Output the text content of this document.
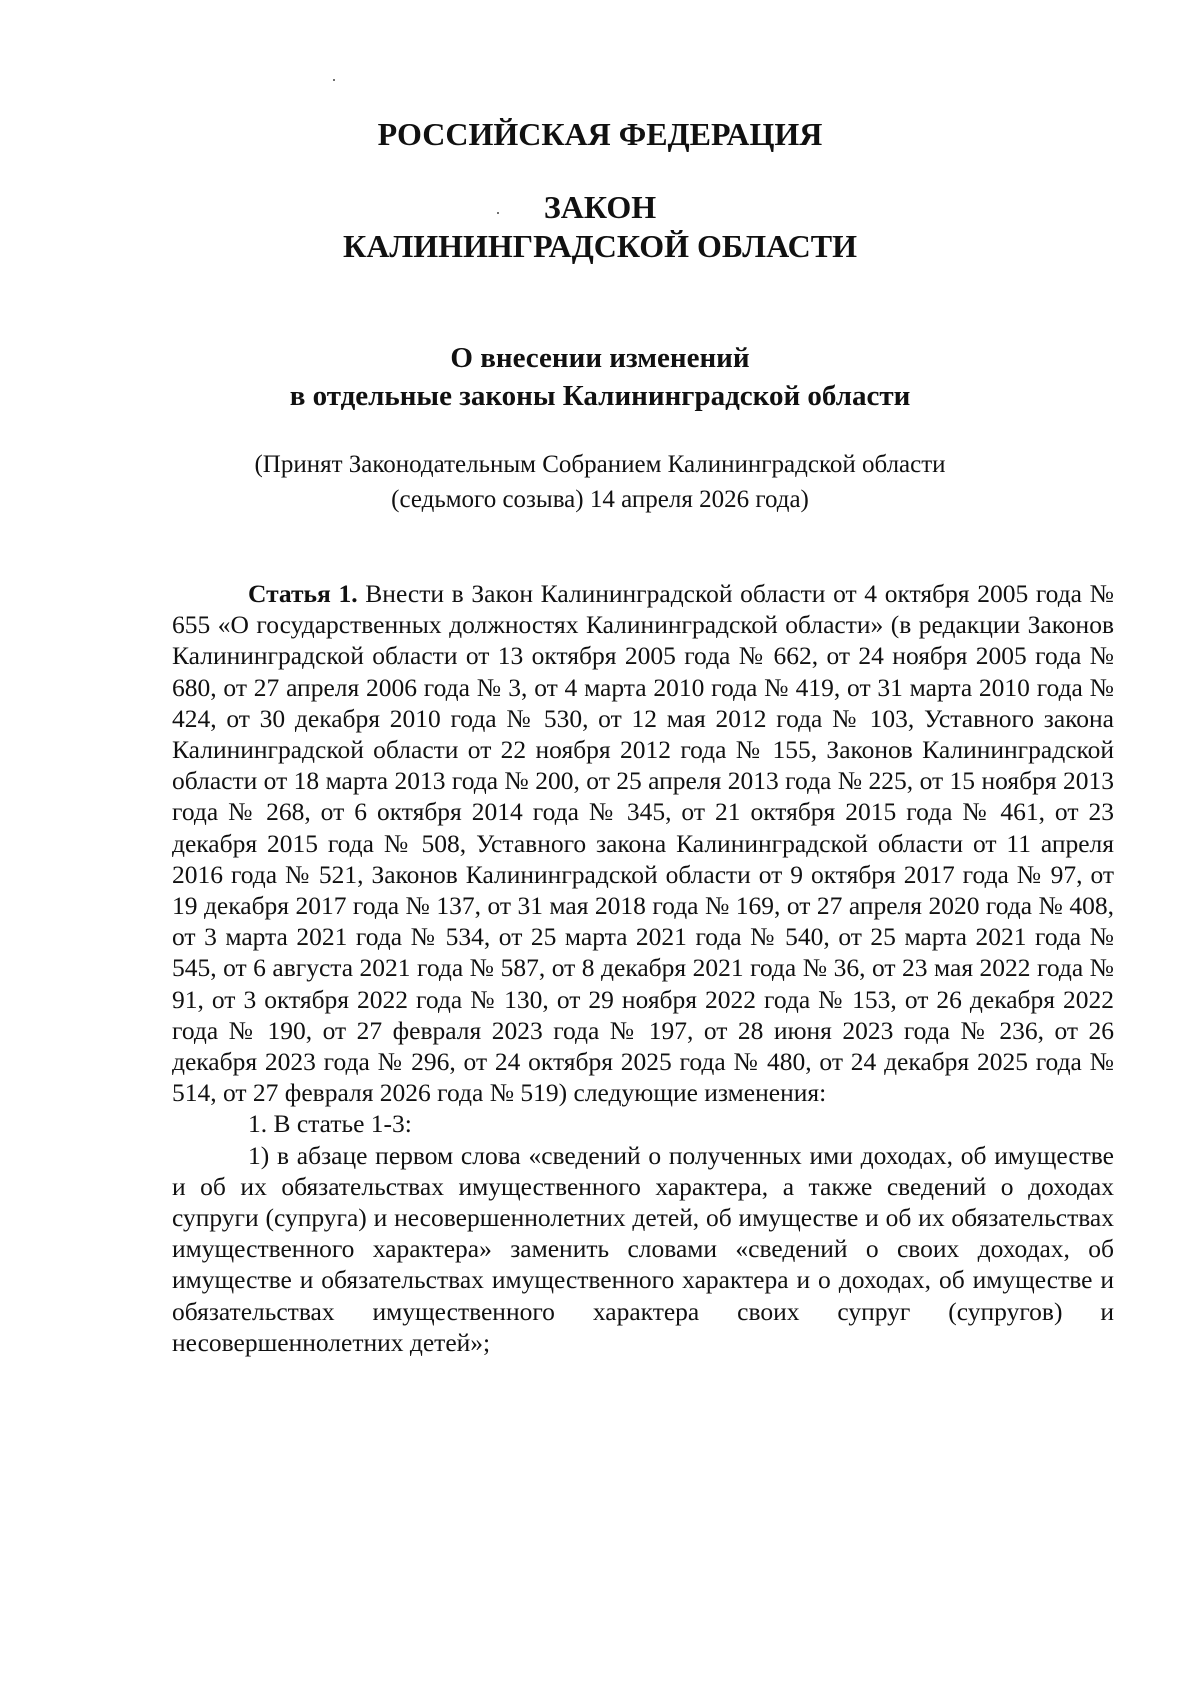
РОССИЙСКАЯ ФЕДЕРАЦИЯ
ЗАКОН
КАЛИНИНГРАДСКОЙ ОБЛАСТИ
О внесении изменений
в отдельные законы Калининградской области

(Принят Законодательным Собранием Калининградской области

(седьмого созыва) 14 апреля 2026 года)

Статья 1. Внести в Закон Калининградской области от 4 октября 2005 года № 655 «О государственных должностях Калининградской области» (в редакции Законов Калининградской области от 13 октября 2005 года № 662, от 24 ноября 2005 года № 680, от 27 апреля 2006 года № 3, от 4 марта 2010 года № 419, от 31 марта 2010 года № 424, от 30 декабря 2010 года № 530, от 12 мая 2012 года № 103, Уставного закона Калининградской области от 22 ноября 2012 года № 155, Законов Калининградской области от 18 марта 2013 года № 200, от 25 апреля 2013 года № 225, от 15 ноября 2013 года № 268, от 6 октября 2014 года № 345, от 21 октября 2015 года № 461, от 23 декабря 2015 года № 508, Уставного закона Калининградской области от 11 апреля 2016 года № 521, Законов Калининградской области от 9 октября 2017 года № 97, от 19 декабря 2017 года № 137, от 31 мая 2018 года № 169, от 27 апреля 2020 года № 408, от 3 марта 2021 года № 534, от 25 марта 2021 года № 540, от 25 марта 2021 года № 545, от 6 августа 2021 года № 587, от 8 декабря 2021 года № 36, от 23 мая 2022 года № 91, от 3 октября 2022 года № 130, от 29 ноября 2022 года № 153, от 26 декабря 2022 года № 190, от 27 февраля 2023 года № 197, от 28 июня 2023 года № 236, от 26 декабря 2023 года № 296, от 24 октября 2025 года № 480, от 24 декабря 2025 года № 514, от 27 февраля 2026 года № 519) следующие изменения:

1. В статье 1-3:

1) в абзаце первом слова «сведений о полученных ими доходах, об имуществе и об их обязательствах имущественного характера, а также сведений о доходах супруги (супруга) и несовершеннолетних детей, об имуществе и об их обязательствах имущественного характера» заменить словами «сведений о своих доходах, об имуществе и обязательствах имущественного характера и о доходах, об имуществе и обязательствах имущественного характера своих супруг (супругов) и несовершеннолетних детей»;
